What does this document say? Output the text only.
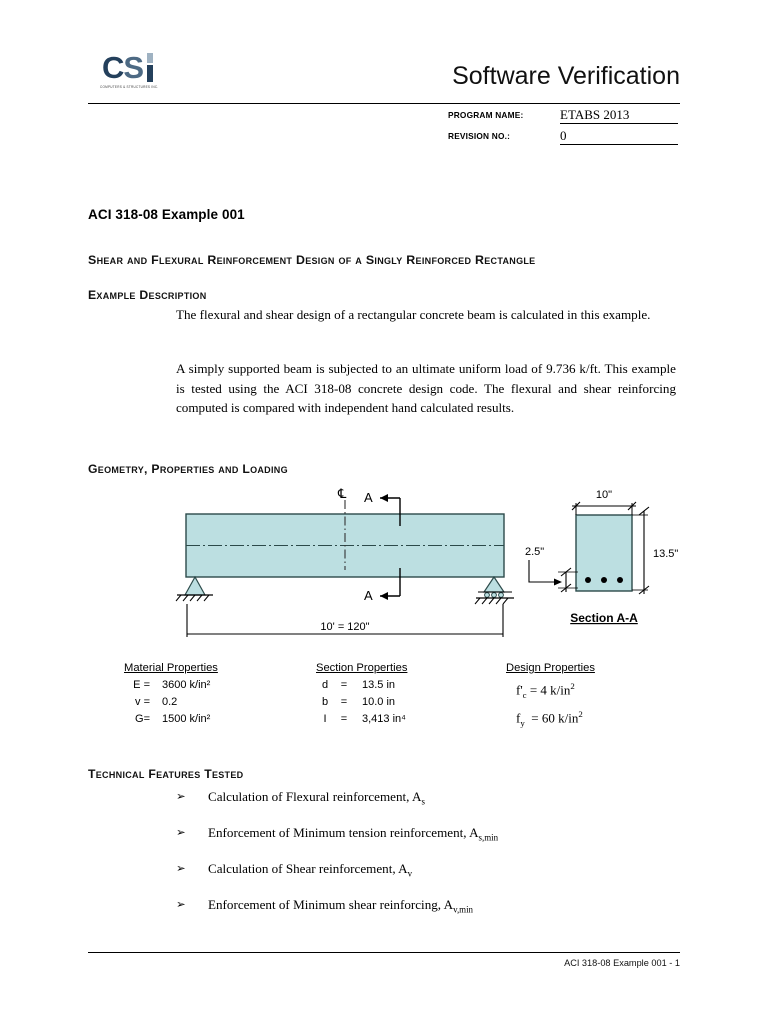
CS
COMPUTERS & STRUCTURES INC.	Software Verification
PROGRAM NAME:	ETABS 2013
REVISION NO.:	0
ACI 318-08 Example 001
Shear and Flexural Reinforcement Design of a Singly Reinforced Rectangle
Example Description
The flexural and shear design of a rectangular concrete beam is calculated in this example.
A simply supported beam is subjected to an ultimate uniform load of 9.736 k/ft. This example is tested using the ACI 318-08 concrete design code. The flexural and shear reinforcing computed is compared with independent hand calculated results.
Geometry, Properties and Loading
℄ A
A
10' = 120"
10"
13.5"
2.5"
Section A-A
Material Properties
E =	3600 k/in²
v =	0.2
G=	1500 k/in²
Section Properties
d	=	13.5 in
b	=	10.0 in
I	=	3,413 in⁴
Design Properties
$f'_c = 4$ $k/in^2$
$f_y = 60$ $k/in^2$
Technical Features Tested
➢ Calculation of Flexural reinforcement, $A_s$
➢ Enforcement of Minimum tension reinforcement, $A_{s,min}$
➢ Calculation of Shear reinforcement, $A_v$
➢ Enforcement of Minimum shear reinforcing, $A_{v,min}$
ACI 318-08 Example 001 - 1
